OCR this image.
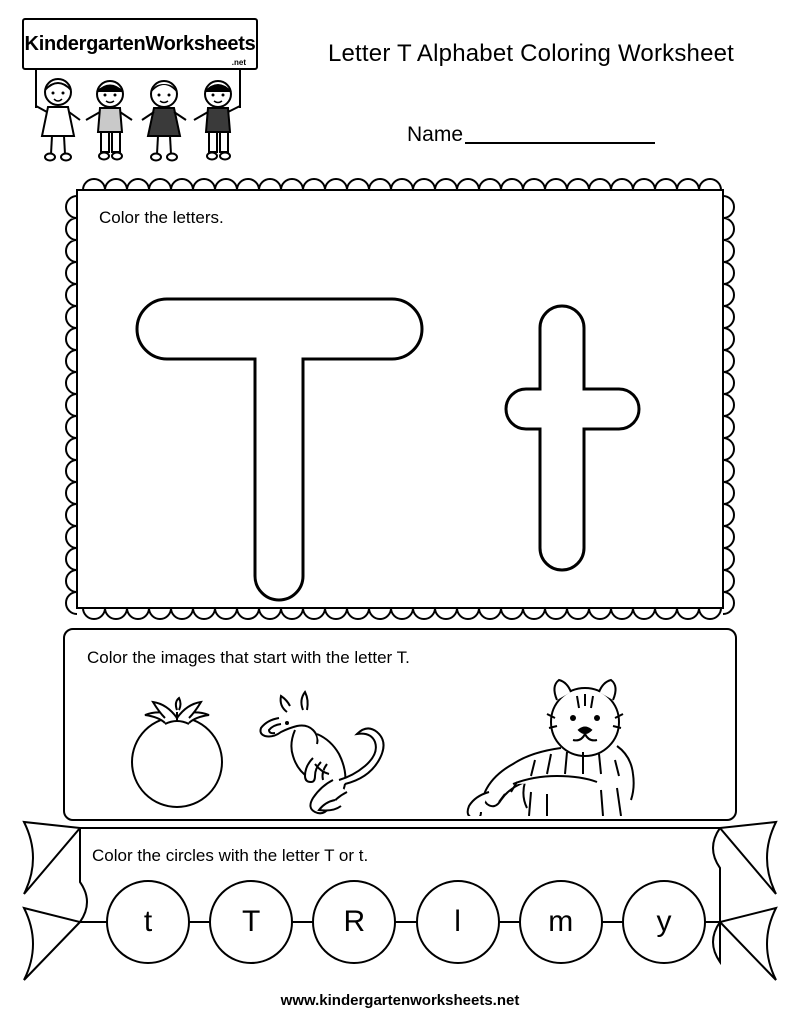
KindergartenWorksheets
.net	Letter T Alphabet Coloring Worksheet
Name
Color the letters.
Color the images that start with the letter T.
Color the circles with the letter T or t.
t	T	R	l	m	y
www.kindergartenworksheets.net
